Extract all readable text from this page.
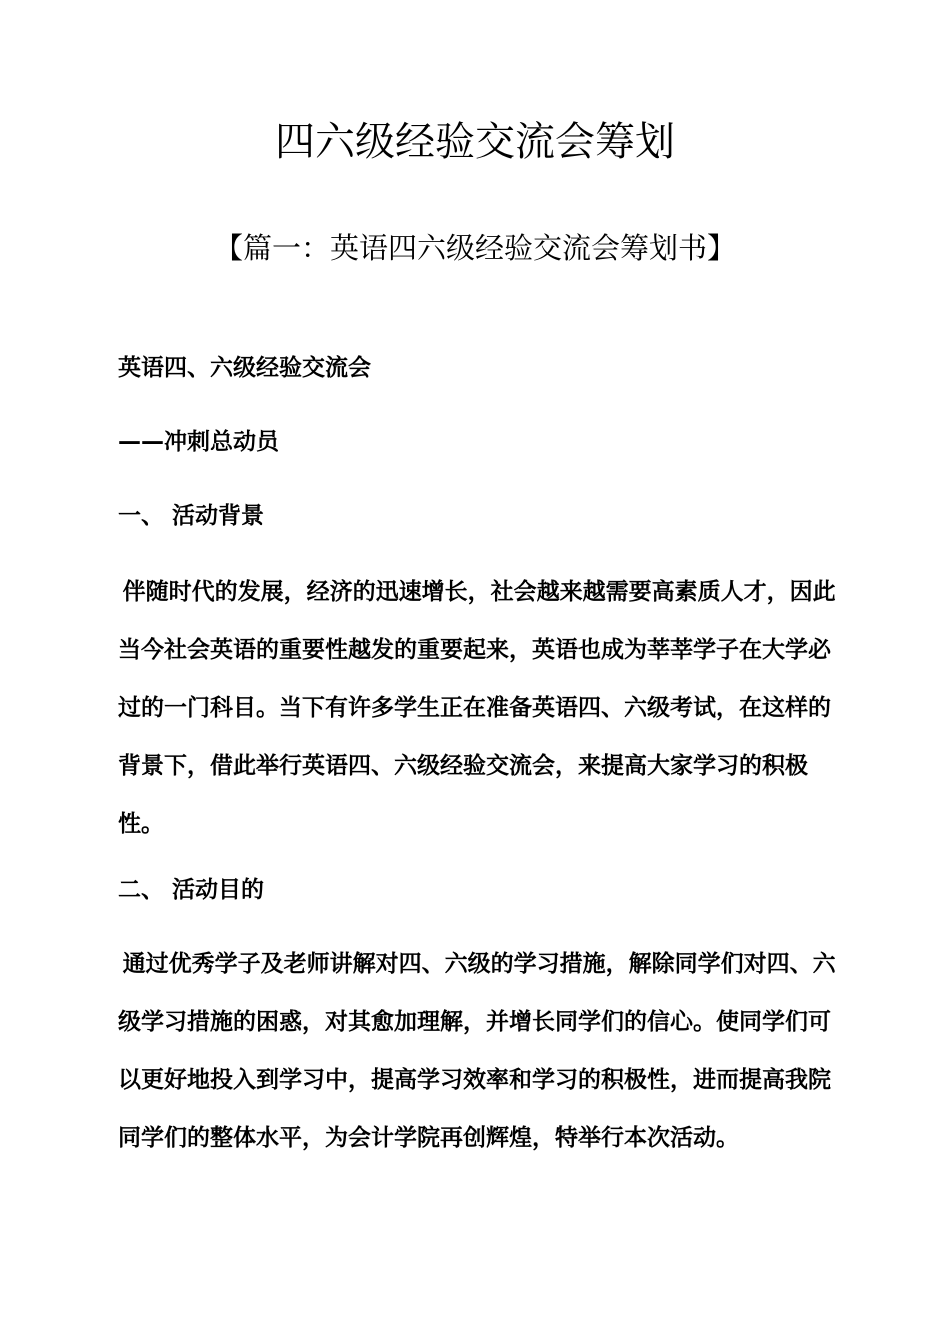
四六级经验交流会筹划
【篇一：英语四六级经验交流会筹划书】

英语四、六级经验交流会

——冲刺总动员

一、 活动背景

伴随时代的发展，经济的迅速增长，社会越来越需要高素质人才，因此当今社会英语的重要性越发的重要起来，英语也成为莘莘学子在大学必过的一门科目。当下有许多学生正在准备英语四、六级考试，在这样的背景下，借此举行英语四、六级经验交流会，来提高大家学习的积极性。

二、 活动目的

通过优秀学子及老师讲解对四、六级的学习措施，解除同学们对四、六级学习措施的困惑，对其愈加理解，并增长同学们的信心。使同学们可以更好地投入到学习中，提高学习效率和学习的积极性，进而提高我院同学们的整体水平，为会计学院再创辉煌，特举行本次活动。
